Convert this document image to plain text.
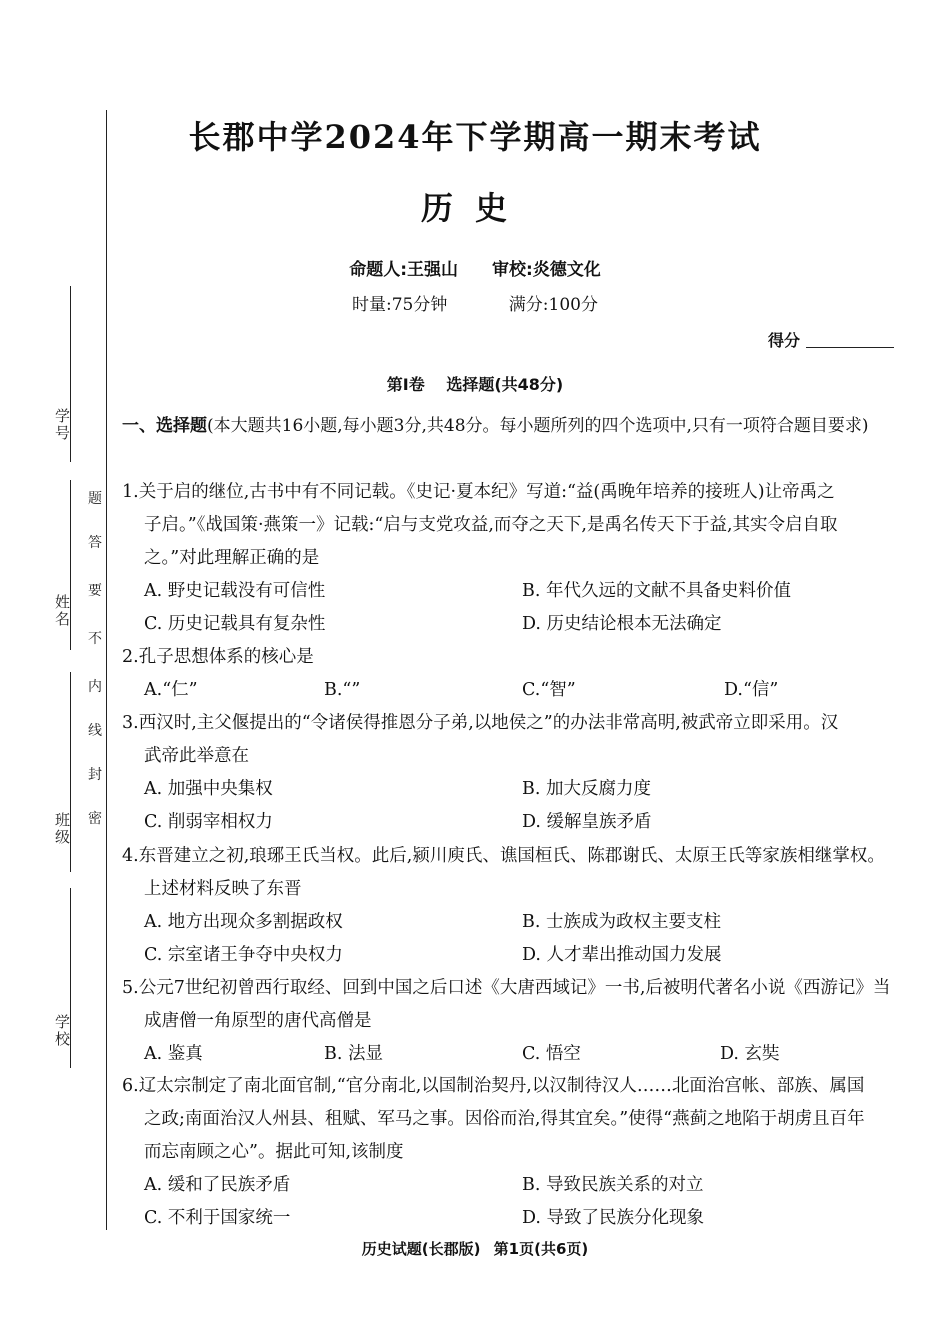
学号
姓名
班级
学校
密
封
线
内
不
要
答
题
长郡中学2024年下学期高一期末考试
历史
命题人:王强山 审校:炎德文化
时量:75分钟	满分:100分
得分
第Ⅰ卷 选择题(共48分)
一、选择题(本大题共16小题,每小题3分,共48分。每小题所列的四个选项中,只有一项符合题目要求)
1.关于启的继位,古书中有不同记载。《史记·夏本纪》写道:“益(禹晚年培养的接班人)让帝禹之
子启。”《战国策·燕策一》记载:“启与支党攻益,而夺之天下,是禹名传天下于益,其实令启自取
之。”对此理解正确的是
A. 野史记载没有可信性	B. 年代久远的文献不具备史料价值
C. 历史记载具有复杂性	D. 历史结论根本无法确定
2.孔子思想体系的核心是
A.“仁”	B.“”	C.“智”	D.“信”
3.西汉时,主父偃提出的“令诸侯得推恩分子弟,以地侯之”的办法非常高明,被武帝立即采用。汉
武帝此举意在
A. 加强中央集权	B. 加大反腐力度
C. 削弱宰相权力	D. 缓解皇族矛盾
4.东晋建立之初,琅琊王氏当权。此后,颍川庾氏、谯国桓氏、陈郡谢氏、太原王氏等家族相继掌权。
上述材料反映了东晋
A. 地方出现众多割据政权	B. 士族成为政权主要支柱
C. 宗室诸王争夺中央权力	D. 人才辈出推动国力发展
5.公元7世纪初曾西行取经、回到中国之后口述《大唐西域记》一书,后被明代著名小说《西游记》当
成唐僧一角原型的唐代高僧是
A. 鉴真	B. 法显	C. 悟空	D. 玄奘
6.辽太宗制定了南北面官制,“官分南北,以国制治契丹,以汉制待汉人……北面治宫帐、部族、属国
之政;南面治汉人州县、租赋、军马之事。因俗而治,得其宜矣。”使得“燕蓟之地陷于胡虏且百年
而忘南顾之心”。据此可知,该制度
A. 缓和了民族矛盾	B. 导致民族关系的对立
C. 不利于国家统一	D. 导致了民族分化现象
历史试题(长郡版) 第1页(共6页)
